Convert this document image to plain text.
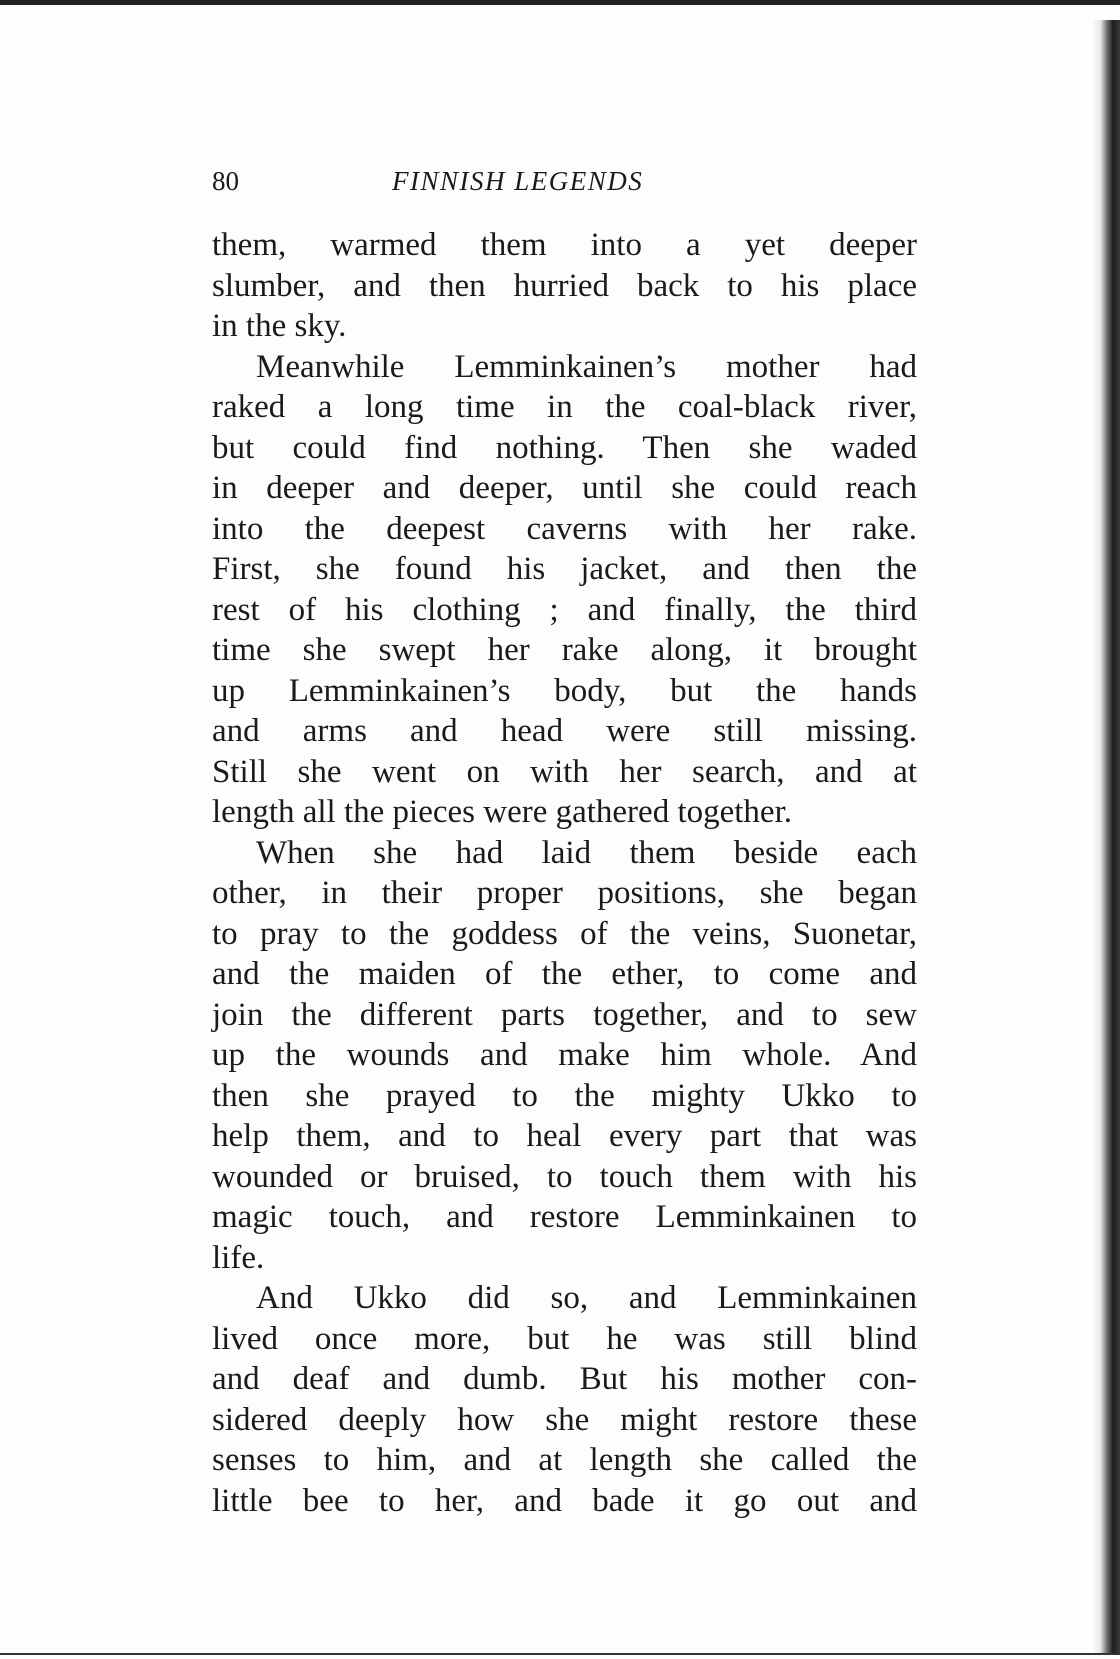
80	FINNISH LEGENDS
them, warmed them into a yet deeper
slumber, and then hurried back to his place
in the sky.
Meanwhile Lemminkainen’s mother had
raked a long time in the coal-black river,
but could find nothing. Then she waded
in deeper and deeper, until she could reach
into the deepest caverns with her rake.
First, she found his jacket, and then the
rest of his clothing ; and finally, the third
time she swept her rake along, it brought
up Lemminkainen’s body, but the hands
and arms and head were still missing.
Still she went on with her search, and at
length all the pieces were gathered together.
When she had laid them beside each
other, in their proper positions, she began
to pray to the goddess of the veins, Suonetar,
and the maiden of the ether, to come and
join the different parts together, and to sew
up the wounds and make him whole. And
then she prayed to the mighty Ukko to
help them, and to heal every part that was
wounded or bruised, to touch them with his
magic touch, and restore Lemminkainen to
life.
And Ukko did so, and Lemminkainen
lived once more, but he was still blind
and deaf and dumb. But his mother con-
sidered deeply how she might restore these
senses to him, and at length she called the
little bee to her, and bade it go out and
